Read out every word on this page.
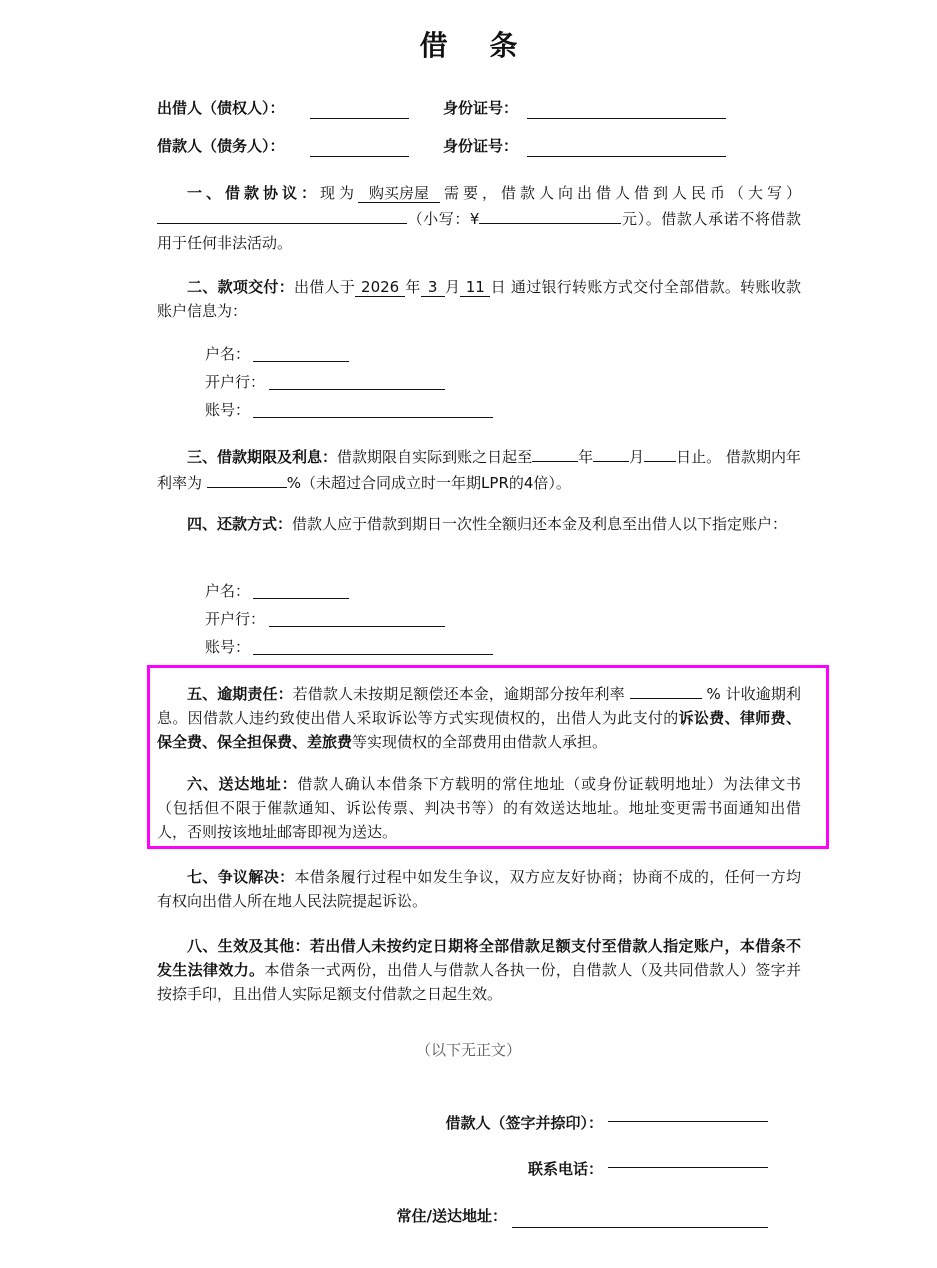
借 条
出借人（债权人）：	身份证号：
借款人（债务人）：	身份证号：

一、借款协议：现为 购买房屋 需要，借款人向出借人借到人民币（大写）（小写：¥	元）。借款人承诺不将借款用于任何非法活动。

二、款项交付：出借人于 2026 年 3 月 11 日 通过银行转账方式交付全部借款。转账收款账户信息为：

户名：
开户行：
账号：

三、借款期限及利息：借款期限自实际到账之日起至	年 月 日止。 借款期内年利率为	%（未超过合同成立时一年期LPR的4倍）。

四、还款方式：借款人应于借款到期日一次性全额归还本金及利息至出借人以下指定账户：

户名：
开户行：
账号：

五、逾期责任：若借款人未按期足额偿还本金，逾期部分按年利率	% 计收逾期利息。因借款人违约致使出借人采取诉讼等方式实现债权的，出借人为此支付的诉讼费、律师费、保全费、保全担保费、差旅费等实现债权的全部费用由借款人承担。

六、送达地址：借款人确认本借条下方载明的常住地址（或身份证载明地址）为法律文书（包括但不限于催款通知、诉讼传票、判决书等）的有效送达地址。地址变更需书面通知出借人，否则按该地址邮寄即视为送达。

七、争议解决：本借条履行过程中如发生争议，双方应友好协商；协商不成的，任何一方均有权向出借人所在地人民法院提起诉讼。

八、生效及其他：若出借人未按约定日期将全部借款足额支付至借款人指定账户，本借条不发生法律效力。本借条一式两份，出借人与借款人各执一份，自借款人（及共同借款人）签字并按捺手印，且出借人实际足额支付借款之日起生效。

（以下无正文）
借款人（签字并捺印）：
联系电话：
常住/送达地址：
